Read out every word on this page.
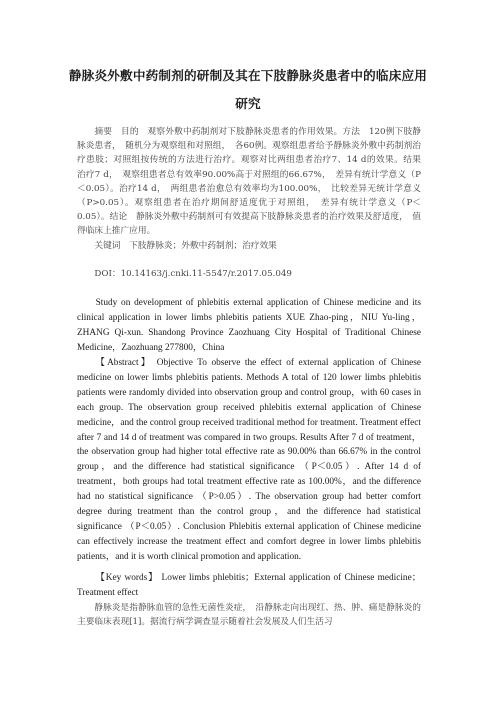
静脉炎外敷中药制剂的研制及其在下肢静脉炎患者中的临床应用研究
摘要　目的　观察外敷中药制剂对下肢静脉炎患者的作用效果。方法　120例下肢静脉炎患者，　随机分为观察组和对照组，　各60例。观察组患者给予静脉炎外敷中药制剂治疗患肢；对照组按传统的方法进行治疗。观察对比两组患者治疗7、14 d的效果。结果　治疗7 d，　观察组患者总有效率90.00%高于对照组的66.67%，　差异有统计学意义（P＜0.05）。治疗14 d，　两组患者治愈总有效率均为100.00%，　比较差异无统计学意义（P>0.05）。观察组患者在治疗期间舒适度优于对照组，　差异有统计学意义（P＜0.05）。结论　静脉炎外敷中药制剂可有效提高下肢静脉炎患者的治疗效果及舒适度，　值得临床上推广应用。
关键词　下肢静脉炎；外敷中药制剂；治疗效果
DOI：10.14163/j.cnki.11-5547/r.2017.05.049
Study on development of phlebitis external application of Chinese medicine and its clinical application in lower limbs phlebitis patients XUE Zhao-ping，NIU Yu-ling，ZHANG Qi-xun. Shandong Province Zaozhuang City Hospital of Traditional Chinese Medicine，Zaozhuang 277800，China
【Abstract】 Objective To observe the effect of external application of Chinese medicine on lower limbs phlebitis patients. Methods A total of 120 lower limbs phlebitis patients were randomly divided into observation group and control group，with 60 cases in each group. The observation group received phlebitis external application of Chinese medicine，and the control group received traditional method for treatment. Treatment effect after 7 and 14 d of treatment was compared in two groups. Results After 7 d of treatment，the observation group had higher total effective rate as 90.00% than 66.67% in the control group，and the difference had statistical significance （P＜0.05）. After 14 d of treatment，both groups had total treatment effective rate as 100.00%，and the difference had no statistical significance （P>0.05）. The observation group had better comfort degree during treatment than the control group，and the difference had statistical significance （P＜0.05）. Conclusion Phlebitis external application of Chinese medicine can effectively increase the treatment effect and comfort degree in lower limbs phlebitis patients，and it is worth clinical promotion and application.
【Key words】 Lower limbs phlebitis；External application of Chinese medicine；Treatment effect
静脉炎是指静脉血管的急性无菌性炎症，　沿静脉走向出现红、热、肿、痛是静脉炎的主要临床表现[1]。据流行病学调查显示随着社会发展及人们生活习
